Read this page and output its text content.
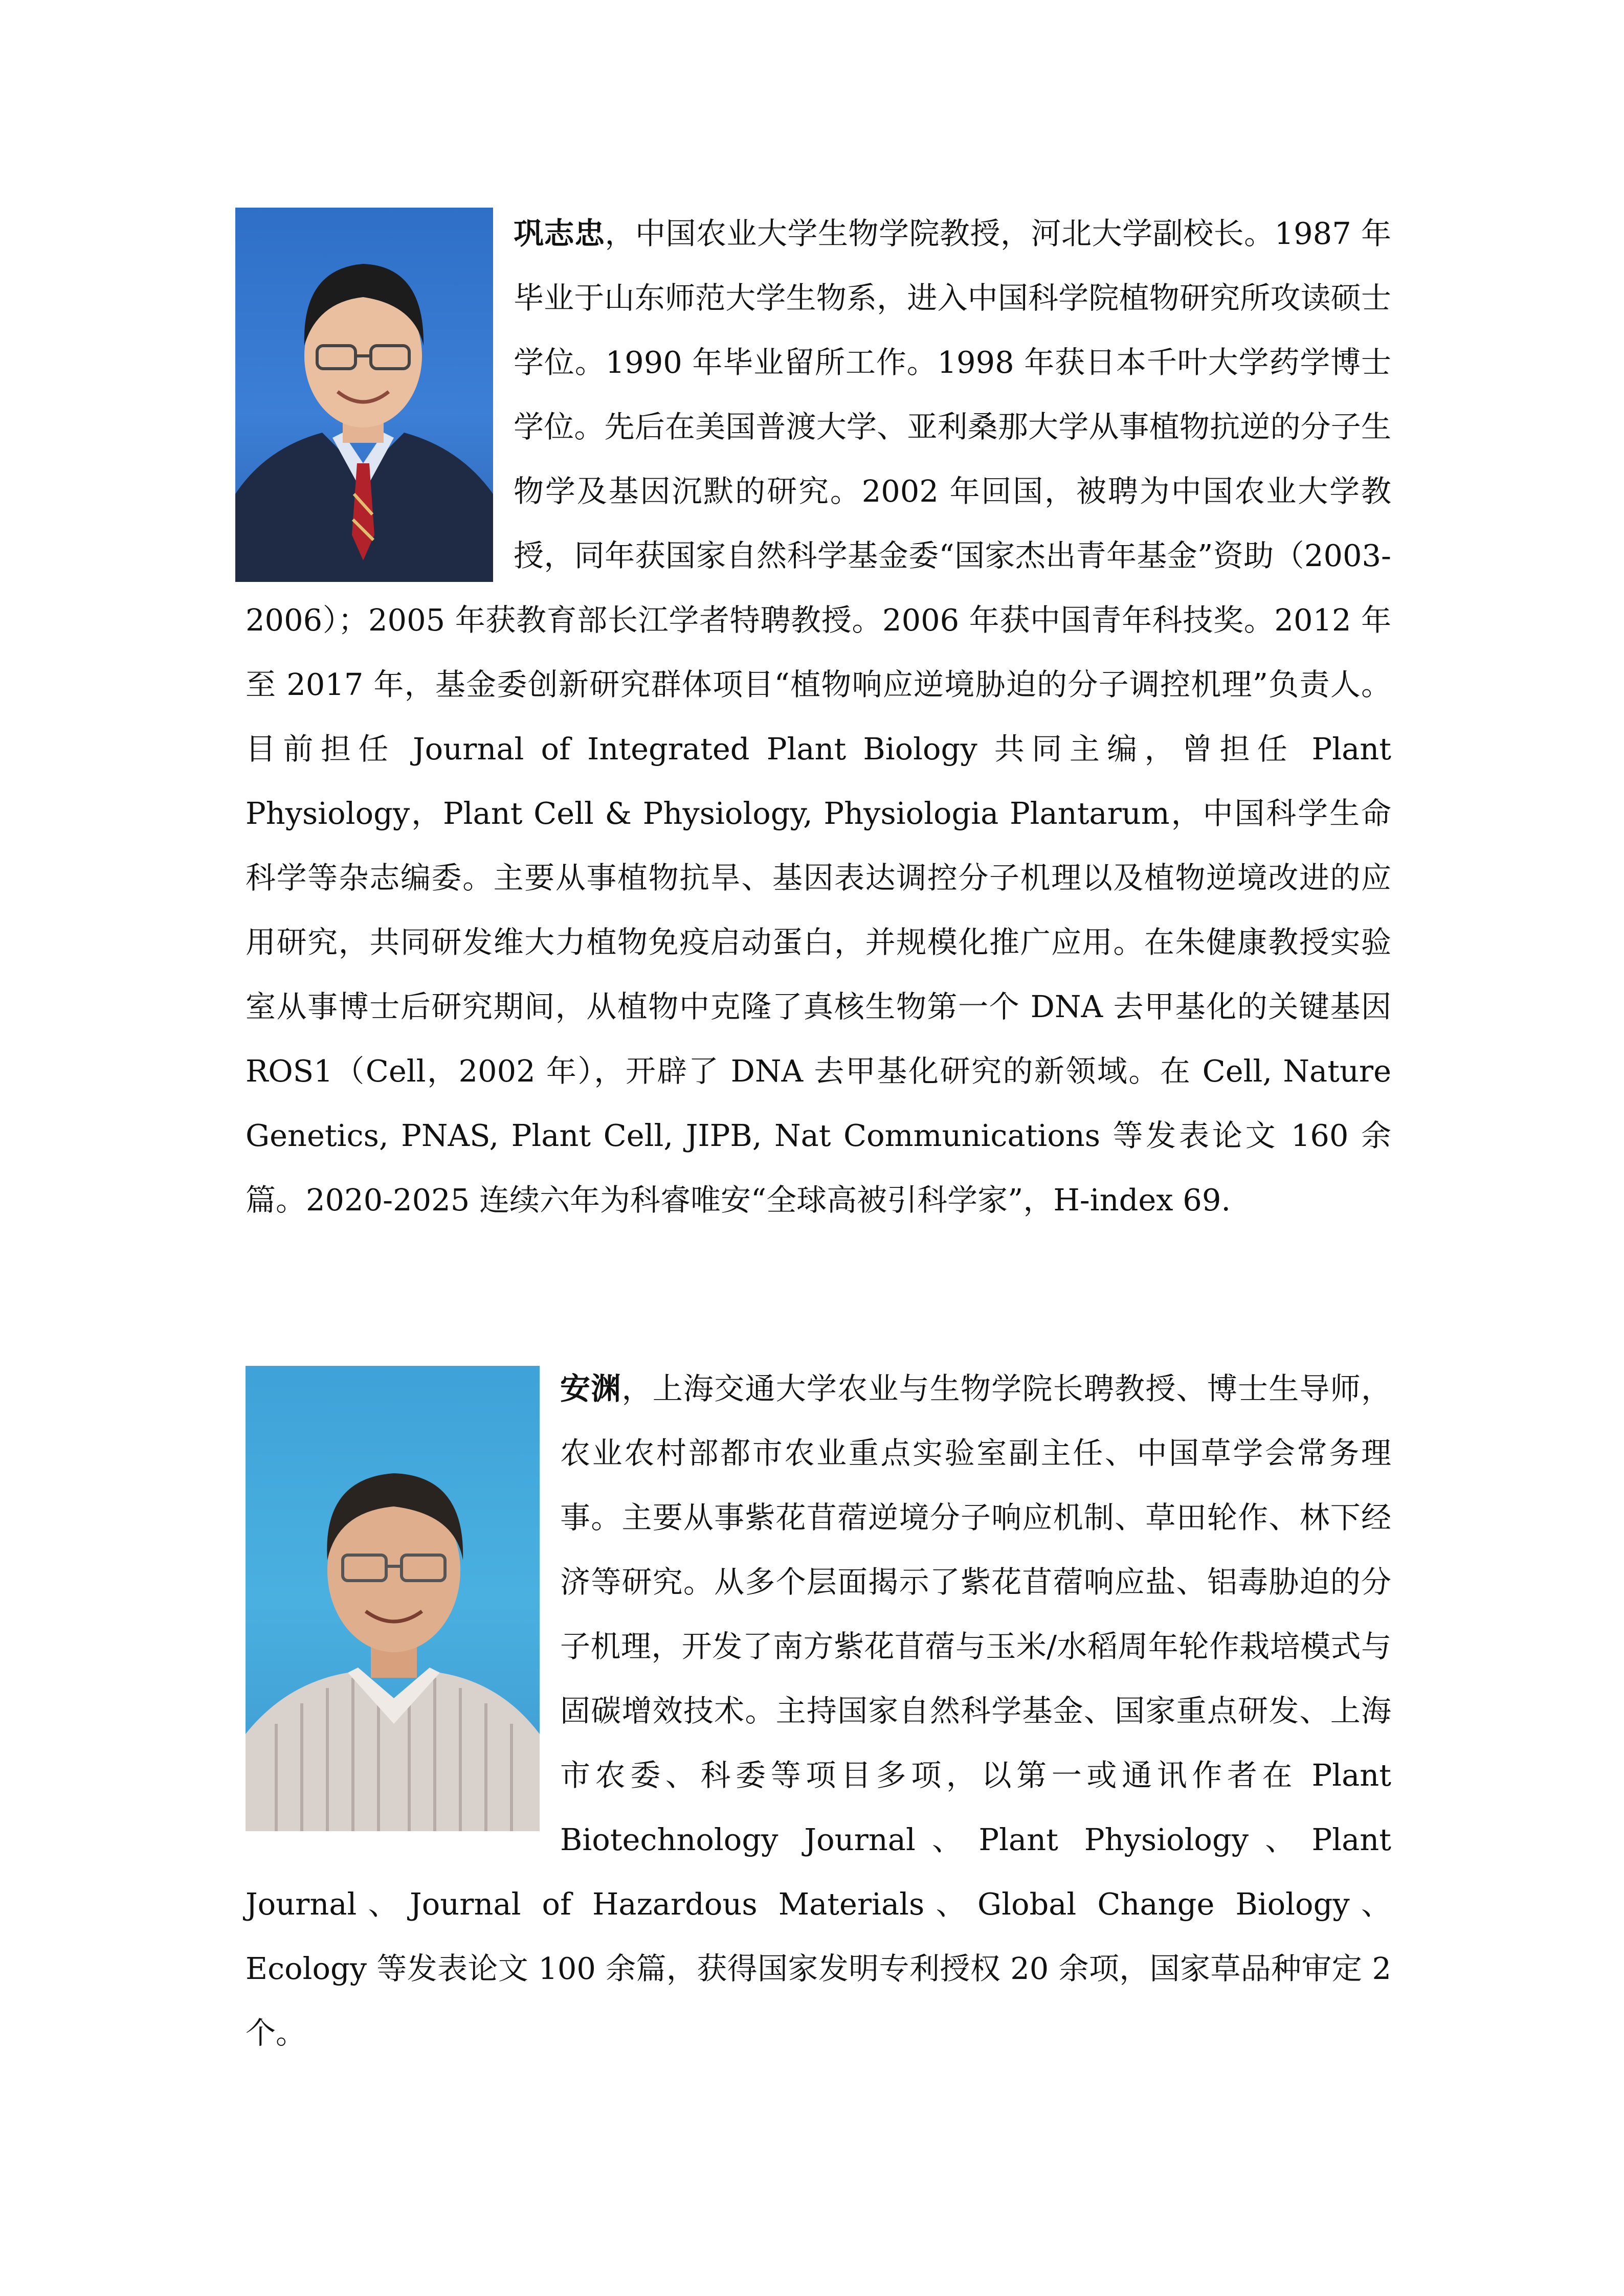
巩志忠，中国农业大学生物学院教授，河北大学副校长。1987 年毕业于山东师范大学生物系，进入中国科学院植物研究所攻读硕士学位。1990 年毕业留所工作。1998 年获日本千叶大学药学博士学位。先后在美国普渡大学、亚利桑那大学从事植物抗逆的分子生物学及基因沉默的研究。2002 年回国，被聘为中国农业大学教授，同年获国家自然科学基金委“国家杰出青年基金”资助（2003-2006）；2005 年获教育部长江学者特聘教授。2006 年获中国青年科技奖。2012 年至 2017 年，基金委创新研究群体项目“植物响应逆境胁迫的分子调控机理”负责人。目前担任 Journal of Integrated Plant Biology 共同主编，曾担任 Plant Physiology，Plant Cell & Physiology, Physiologia Plantarum，中国科学生命科学等杂志编委。主要从事植物抗旱、基因表达调控分子机理以及植物逆境改进的应用研究，共同研发维大力植物免疫启动蛋白，并规模化推广应用。在朱健康教授实验室从事博士后研究期间，从植物中克隆了真核生物第一个 DNA 去甲基化的关键基因 ROS1（Cell，2002 年），开辟了 DNA 去甲基化研究的新领域。在 Cell, Nature Genetics, PNAS, Plant Cell, JIPB, Nat Communications 等发表论文 160 余篇。2020-2025 连续六年为科睿唯安“全球高被引科学家”，H-index 69.
安渊，上海交通大学农业与生物学院长聘教授、博士生导师，农业农村部都市农业重点实验室副主任、中国草学会常务理事。主要从事紫花苜蓿逆境分子响应机制、草田轮作、林下经济等研究。从多个层面揭示了紫花苜蓿响应盐、铝毒胁迫的分子机理，开发了南方紫花苜蓿与玉米/水稻周年轮作栽培模式与固碳增效技术。主持国家自然科学基金、国家重点研发、上海市农委、科委等项目多项，以第一或通讯作者在 Plant Biotechnology Journal、Plant Physiology、Plant Journal、Journal of Hazardous Materials、Global Change Biology、Ecology 等发表论文 100 余篇，获得国家发明专利授权 20 余项，国家草品种审定 2 个。
